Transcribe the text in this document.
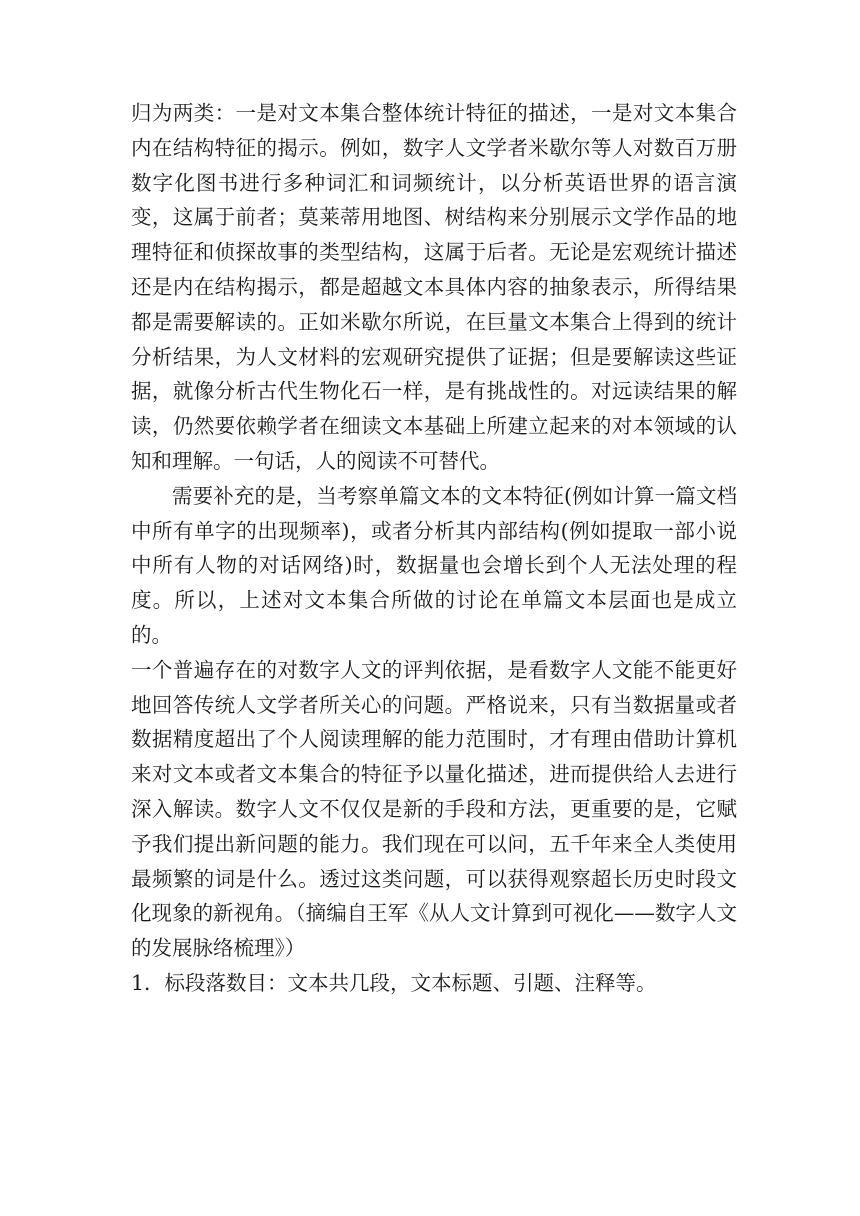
归为两类：一是对文本集合整体统计特征的描述，一是对文本集合内在结构特征的揭示。例如，数字人文学者米歇尔等人对数百万册数字化图书进行多种词汇和词频统计，以分析英语世界的语言演变，这属于前者；莫莱蒂用地图、树结构来分别展示文学作品的地理特征和侦探故事的类型结构，这属于后者。无论是宏观统计描述还是内在结构揭示，都是超越文本具体内容的抽象表示，所得结果都是需要解读的。正如米歇尔所说，在巨量文本集合上得到的统计分析结果，为人文材料的宏观研究提供了证据；但是要解读这些证据，就像分析古代生物化石一样，是有挑战性的。对远读结果的解读，仍然要依赖学者在细读文本基础上所建立起来的对本领域的认知和理解。一句话，人的阅读不可替代。

需要补充的是，当考察单篇文本的文本特征(例如计算一篇文档中所有单字的出现频率)，或者分析其内部结构(例如提取一部小说中所有人物的对话网络)时，数据量也会增长到个人无法处理的程度。所以，上述对文本集合所做的讨论在单篇文本层面也是成立的。

一个普遍存在的对数字人文的评判依据，是看数字人文能不能更好地回答传统人文学者所关心的问题。严格说来，只有当数据量或者数据精度超出了个人阅读理解的能力范围时，才有理由借助计算机来对文本或者文本集合的特征予以量化描述，进而提供给人去进行深入解读。数字人文不仅仅是新的手段和方法，更重要的是，它赋予我们提出新问题的能力。我们现在可以问，五千年来全人类使用最频繁的词是什么。透过这类问题，可以获得观察超长历史时段文化现象的新视角。（摘编自王军《从人文计算到可视化——数字人文的发展脉络梳理》）

1．标段落数目：文本共几段，文本标题、引题、注释等。
